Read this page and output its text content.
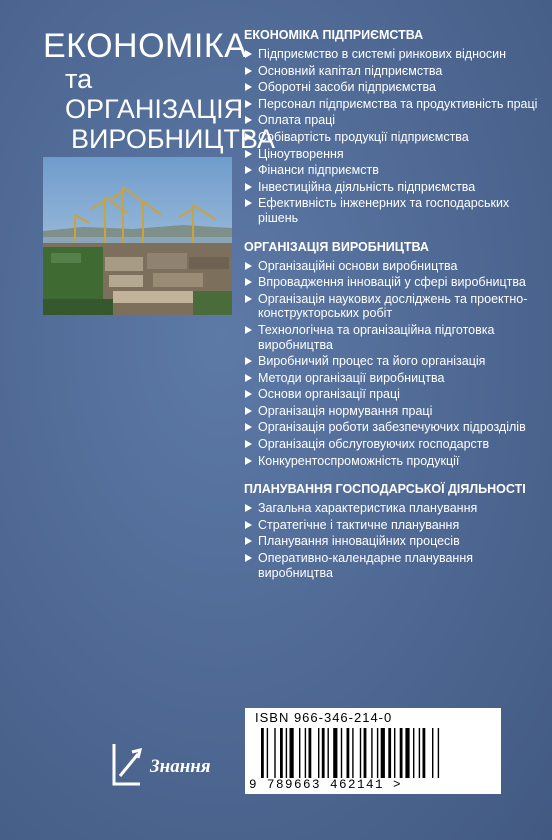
ЕКОНОМІКА
та ОРГАНІЗАЦІЯ
ВИРОБНИЦТВА
ЕКОНОМІКА ПІДПРИЄМСТВА
Підприємство в системі ринкових відносин
Основний капітал підприємства
Оборотні засоби підприємства
Персонал підприємства та продуктивність праці
Оплата праці
Собівартість продукції підприємства
Ціноутворення
Фінанси підприємств
Інвестиційна діяльність підприємства
Ефективність інженерних та господарських рішень
ОРГАНІЗАЦІЯ ВИРОБНИЦТВА
Організаційні основи виробництва
Впровадження інновацій у сфері виробництва
Організація наукових досліджень та проектно-конструкторських робіт
Технологічна та організаційна підготовка виробництва
Виробничий процес та його організація
Методи організації виробництва
Основи організації праці
Організація нормування праці
Організація роботи забезпечуючих підрозділів
Організація обслуговуючих господарств
Конкурентоспроможність продукції
ПЛАНУВАННЯ ГОСПОДАРСЬКОЇ ДІЯЛЬНОСТІ
Загальна характеристика планування
Стратегічне і тактичне планування
Планування інноваційних процесів
Оперативно-календарне планування виробництва
ISBN 966-346-214-0
9 789663 462141 >
Знання
